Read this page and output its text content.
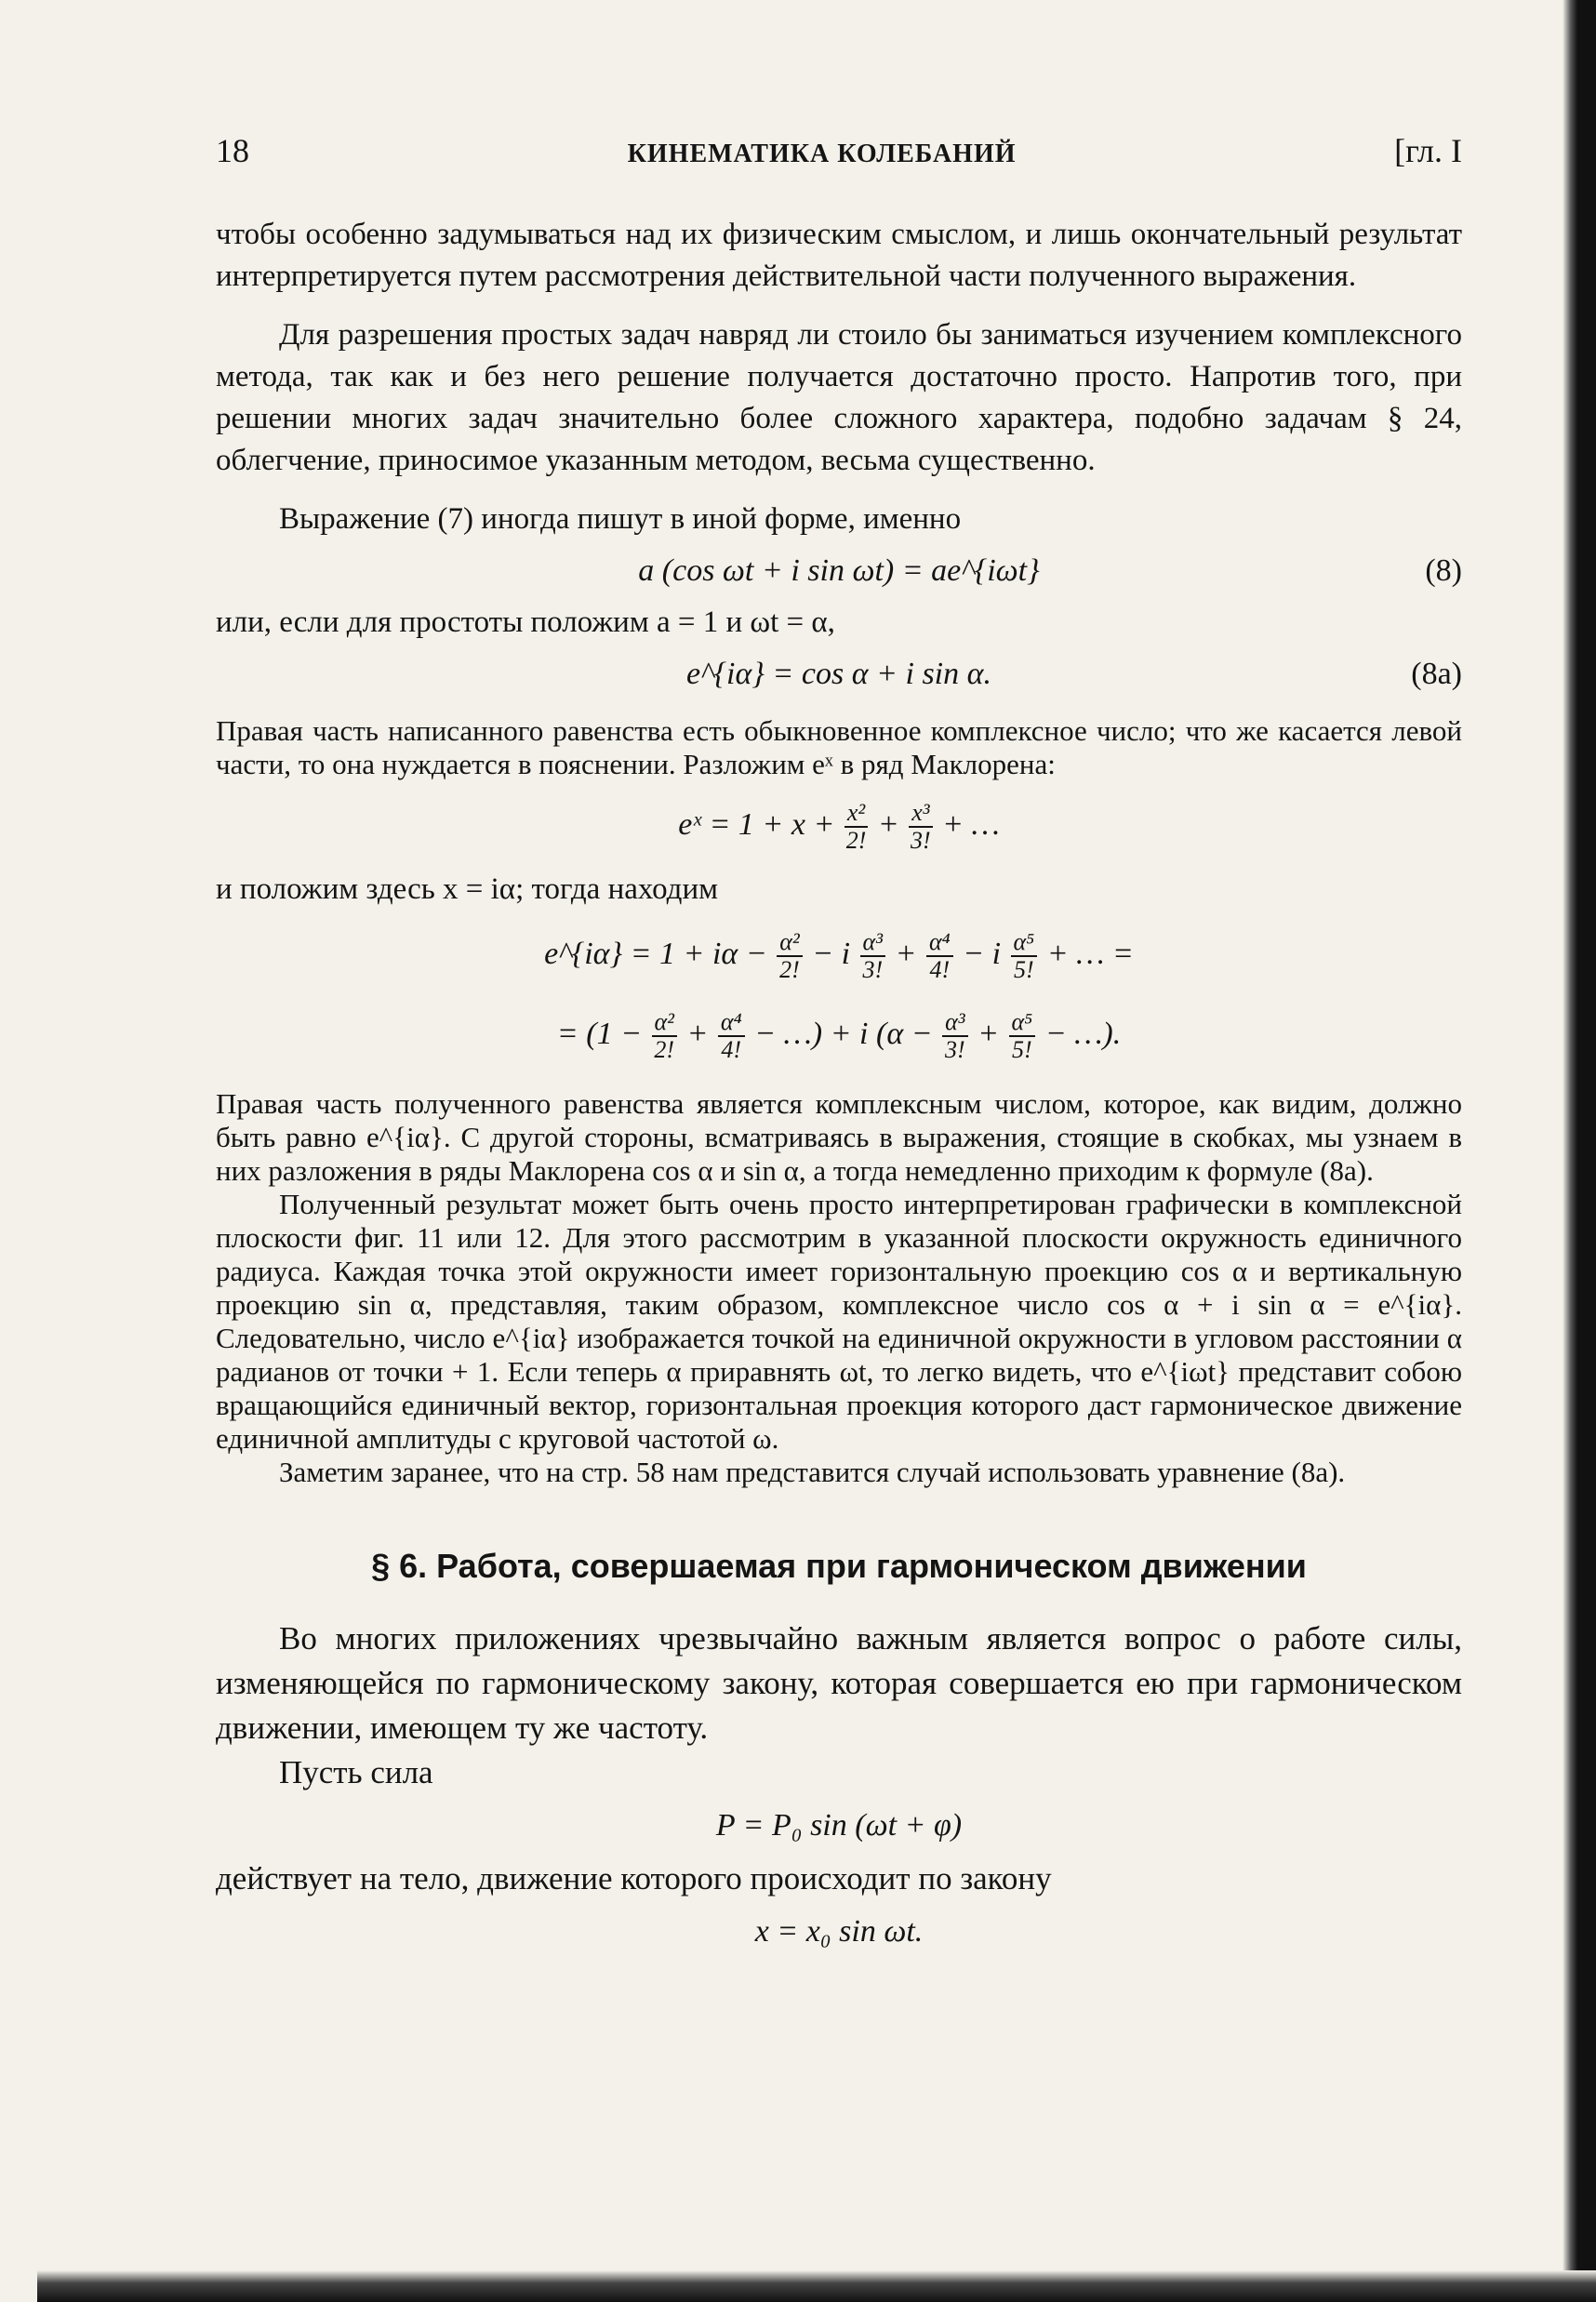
18	КИНЕМАТИКА КОЛЕБАНИЙ	[гл. I

чтобы особенно задумываться над их физическим смыслом, и лишь окончательный результат интерпретируется путем рассмотрения действительной части полученного выражения.

Для разрешения простых задач навряд ли стоило бы заниматься изучением комплексного метода, так как и без него решение получается достаточно просто. Напротив того, при решении многих задач значительно более сложного характера, подобно задачам § 24, облегчение, приносимое указанным методом, весьма существенно.

Выражение (7) иногда пишут в иной форме, именно

a (cos ωt + i sin ωt) = ae^{iωt}	(8)

или, если для простоты положим a = 1 и ωt = α,

e^{iα} = cos α + i sin α.	(8a)

Правая часть написанного равенства есть обыкновенное комплексное число; что же касается левой части, то она нуждается в пояснении. Разложим eˣ в ряд Маклорена:

eˣ = $1 + x + \frac{\text{x²}}{2!} + \frac{\text{x³}}{3!}$ + …

и положим здесь x = iα; тогда находим

e^{iα} = $1 + i\alpha - \frac{\text{α²}}{2!} - i \frac{\text{α³}}{3!} + \frac{\text{α⁴}}{4!} - i \frac{\text{α⁵}}{5!}$ + … =
= ($1 - \frac{\text{α²}}{2!} + \frac{\text{α⁴}}{4!}$ − …) + i ($\alpha - \frac{\text{α³}}{3!} + \frac{\text{α⁵}}{5!}$ − …).

Правая часть полученного равенства является комплексным числом, которое, как видим, должно быть равно e^{iα}. С другой стороны, всматриваясь в выражения, стоящие в скобках, мы узнаем в них разложения в ряды Маклорена cos α и sin α, а тогда немедленно приходим к формуле (8a).

Полученный результат может быть очень просто интерпретирован графически в комплексной плоскости фиг. 11 или 12. Для этого рассмотрим в указанной плоскости окружность единичного радиуса. Каждая точка этой окружности имеет горизонтальную проекцию cos α и вертикальную проекцию sin α, представляя, таким образом, комплексное число cos α + i sin α = e^{iα}. Следовательно, число e^{iα} изображается точкой на единичной окружности в угловом расстоянии α радианов от точки + 1. Если теперь α приравнять ωt, то легко видеть, что e^{iωt} представит собою вращающийся единичный вектор, горизонтальная проекция которого даст гармоническое движение единичной амплитуды с круговой частотой ω.

Заметим заранее, что на стр. 58 нам представится случай использовать уравнение (8a).

§ 6. Работа, совершаемая при гармоническом движении

Во многих приложениях чрезвычайно важным является вопрос о работе силы, изменяющейся по гармоническому закону, которая совершается ею при гармоническом движении, имеющем ту же частоту.

Пусть сила

P = P₀ sin (ωt + φ)

действует на тело, движение которого происходит по закону

x = x₀ sin ωt.
